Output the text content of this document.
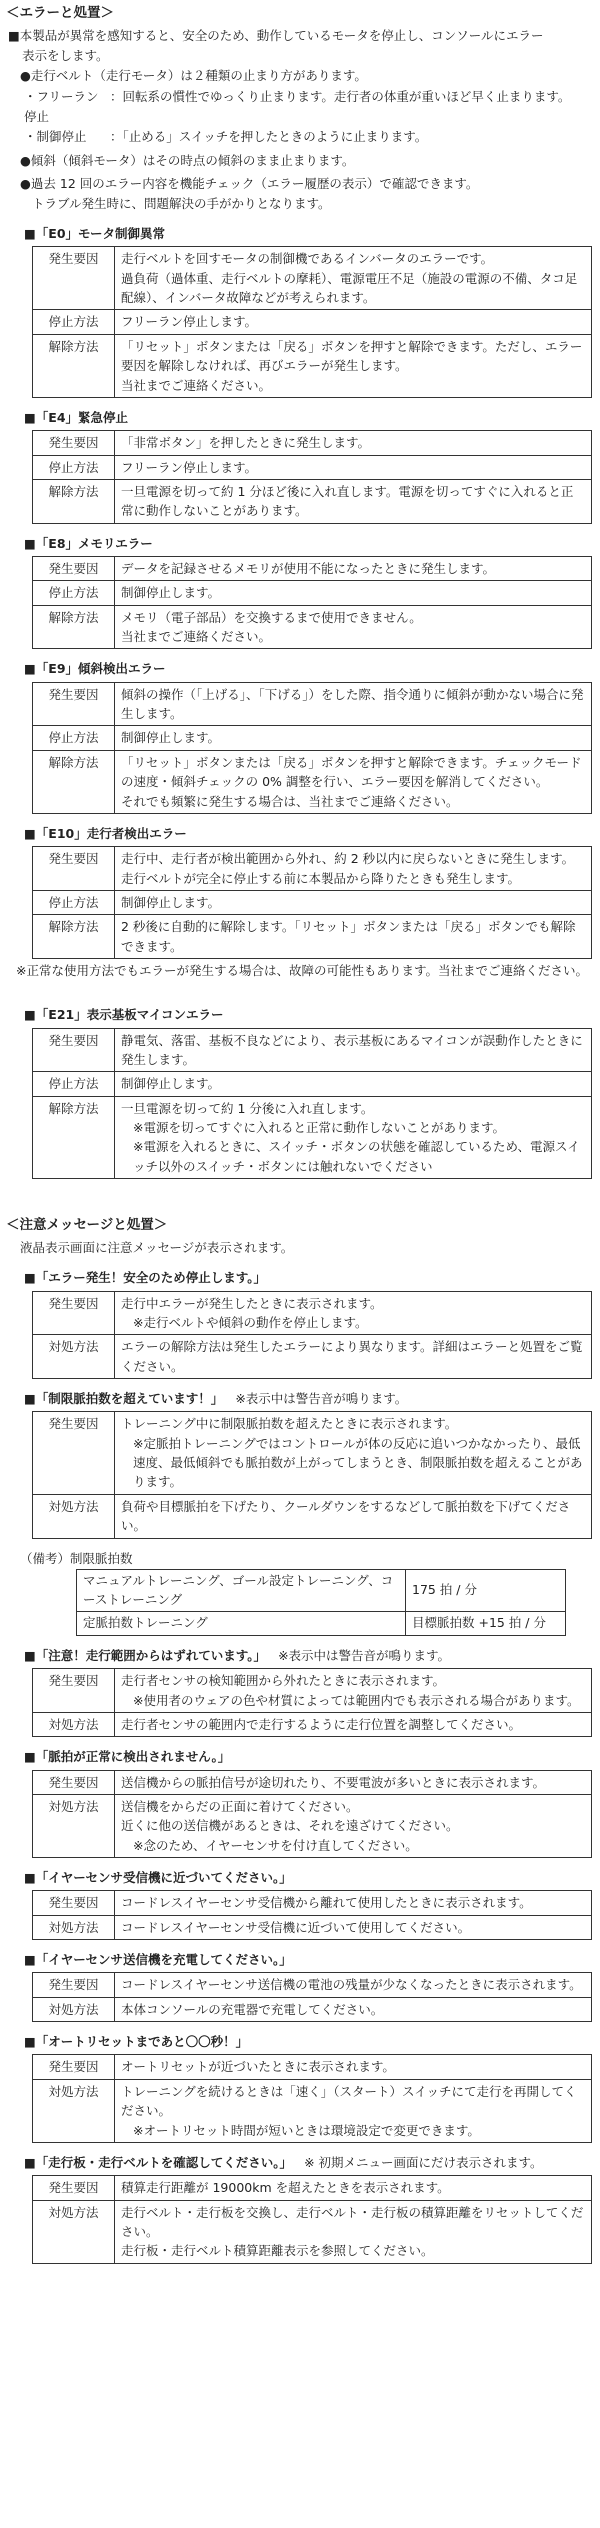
＜エラーと処置＞
■本製品が異常を感知すると、安全のため、動作しているモータを停止し、コンソールにエラー
表示をします。
●走行ベルト（走行モータ）は２種類の止まり方があります。
・フリーラン停止
：回転系の慣性でゆっくり止まります。走行者の体重が重いほど早く止まります。
・制御停止	：「止める」スイッチを押したときのように止まります。
●傾斜（傾斜モータ）はその時点の傾斜のまま止まります。
●過去 12 回のエラー内容を機能チェック（エラー履歴の表示）で確認できます。
トラブル発生時に、問題解決の手がかりとなります。
■「E0」モータ制御異常
発生要因	走行ベルトを回すモータの制御機であるインバータのエラーです。
過負荷（過体重、走行ベルトの摩耗）、電源電圧不足（施設の電源の不備、タコ足配線）、インバータ故障などが考えられます。

停止方法	フリーラン停止します。

解除方法	「リセット」ボタンまたは「戻る」ボタンを押すと解除できます。ただし、エラー要因を解除しなければ、再びエラーが発生します。
当社までご連絡ください。
■「E4」緊急停止
発生要因	「非常ボタン」を押したときに発生します。

停止方法	フリーラン停止します。

解除方法	一旦電源を切って約 1 分ほど後に入れ直します。電源を切ってすぐに入れると正常に動作しないことがあります。
■「E8」メモリエラー
発生要因	データを記録させるメモリが使用不能になったときに発生します。

停止方法	制御停止します。

解除方法	メモリ（電子部品）を交換するまで使用できません。
当社までご連絡ください。
■「E9」傾斜検出エラー
発生要因	傾斜の操作（「上げる」、「下げる」）をした際、指令通りに傾斜が動かない場合に発生します。

停止方法	制御停止します。

解除方法	「リセット」ボタンまたは「戻る」ボタンを押すと解除できます。チェックモードの速度・傾斜チェックの 0% 調整を行い、エラー要因を解消してください。
それでも頻繁に発生する場合は、当社までご連絡ください。
■「E10」走行者検出エラー
発生要因	走行中、走行者が検出範囲から外れ、約 2 秒以内に戻らないときに発生します。走行ベルトが完全に停止する前に本製品から降りたときも発生します。

停止方法	制御停止します。

解除方法	2 秒後に自動的に解除します。「リセット」ボタンまたは「戻る」ボタンでも解除できます。
※正常な使用方法でもエラーが発生する場合は、故障の可能性もあります。当社までご連絡ください。
■「E21」表示基板マイコンエラー
発生要因	静電気、落雷、基板不良などにより、表示基板にあるマイコンが誤動作したときに発生します。

停止方法	制御停止します。

解除方法	一旦電源を切って約 1 分後に入れ直します。
※電源を切ってすぐに入れると正常に動作しないことがあります。
※電源を入れるときに、スイッチ・ボタンの状態を確認しているため、電源スイッチ以外のスイッチ・ボタンには触れないでください
＜注意メッセージと処置＞
液晶表示画面に注意メッセージが表示されます。
■「エラー発生！安全のため停止します。」
発生要因	走行中エラーが発生したときに表示されます。
※走行ベルトや傾斜の動作を停止します。

対処方法	エラーの解除方法は発生したエラーにより異なります。詳細はエラーと処置をご覧ください。
■「制限脈拍数を超えています！」 ※表示中は警告音が鳴ります。
発生要因	トレーニング中に制限脈拍数を超えたときに表示されます。
※定脈拍トレーニングではコントロールが体の反応に追いつかなかったり、最低速度、最低傾斜でも脈拍数が上がってしまうとき、制限脈拍数を超えることがあります。

対処方法	負荷や目標脈拍を下げたり、クールダウンをするなどして脈拍数を下げてください。
（備考）制限脈拍数
マニュアルトレーニング、ゴール設定トレーニング、コーストレーニング	175 拍 / 分
定脈拍数トレーニング	目標脈拍数 +15 拍 / 分
■「注意！走行範囲からはずれています。」 ※表示中は警告音が鳴ります。
発生要因	走行者センサの検知範囲から外れたときに表示されます。
※使用者のウェアの色や材質によっては範囲内でも表示される場合があります。

対処方法	走行者センサの範囲内で走行するように走行位置を調整してください。
■「脈拍が正常に検出されません。」
発生要因	送信機からの脈拍信号が途切れたり、不要電波が多いときに表示されます。

対処方法	送信機をからだの正面に着けてください。
近くに他の送信機があるときは、それを遠ざけてください。
※念のため、イヤーセンサを付け直してください。
■「イヤーセンサ受信機に近づいてください。」
発生要因	コードレスイヤーセンサ受信機から離れて使用したときに表示されます。

対処方法	コードレスイヤーセンサ受信機に近づいて使用してください。
■「イヤーセンサ送信機を充電してください。」
発生要因	コードレスイヤーセンサ送信機の電池の残量が少なくなったときに表示されます。

対処方法	本体コンソールの充電器で充電してください。
■「オートリセットまであと〇〇秒！」
発生要因	オートリセットが近づいたときに表示されます。

対処方法	トレーニングを続けるときは「速く」（スタート）スイッチにて走行を再開してください。
※オートリセット時間が短いときは環境設定で変更できます。
■「走行板・走行ベルトを確認してください。」 ※ 初期メニュー画面にだけ表示されます。
発生要因	積算走行距離が 19000km を超えたときを表示されます。

対処方法	走行ベルト・走行板を交換し、走行ベルト・走行板の積算距離をリセットしてください。
走行板・走行ベルト積算距離表示を参照してください。
